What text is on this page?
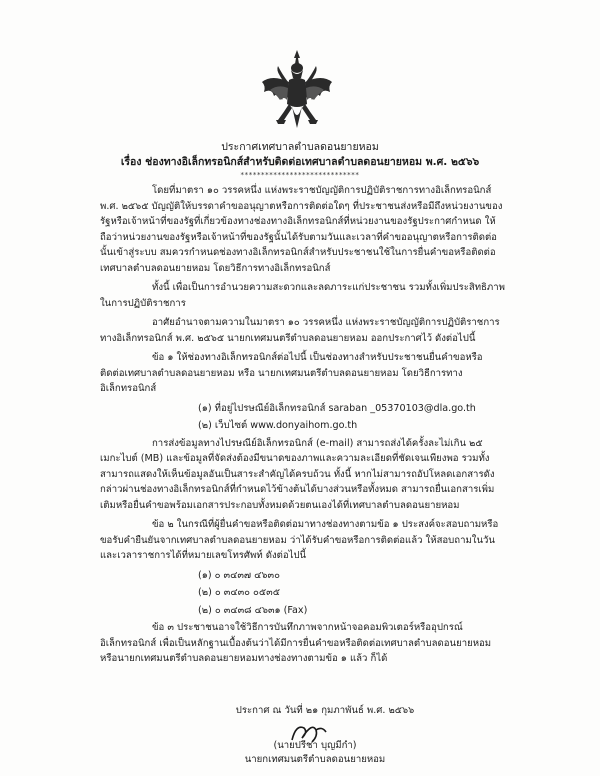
ประกาศเทศบาลตำบลดอนยายหอม
เรื่อง ช่องทางอิเล็กทรอนิกส์สำหรับติดต่อเทศบาลตำบลดอนยายหอม พ.ศ. ๒๕๖๖
*****************************

โดยที่มาตรา ๑๐ วรรคหนึ่ง แห่งพระราชบัญญัติการปฏิบัติราชการทางอิเล็กทรอนิกส์ พ.ศ. ๒๕๖๕ บัญญัติให้บรรดาคำขออนุญาตหรือการติดต่อใดๆ ที่ประชาชนส่งหรือมีถึงหน่วยงานของรัฐหรือเจ้าหน้าที่ของรัฐที่เกี่ยวข้องทางช่องทางอิเล็กทรอนิกส์ที่หน่วยงานของรัฐประกาศกำหนด ให้ถือว่าหน่วยงานของรัฐหรือเจ้าหน้าที่ของรัฐนั้นได้รับตามวันและเวลาที่คำขออนุญาตหรือการติดต่อนั้นเข้าสู่ระบบ สมควรกำหนดช่องทางอิเล็กทรอนิกส์สำหรับประชาชนใช้ในการยื่นคำขอหรือติดต่อเทศบาลตำบลดอนยายหอม โดยวิธีการทางอิเล็กทรอนิกส์

ทั้งนี้ เพื่อเป็นการอำนวยความสะดวกและลดภาระแก่ประชาชน รวมทั้งเพิ่มประสิทธิภาพในการปฏิบัติราชการ

อาศัยอำนาจตามความในมาตรา ๑๐ วรรคหนึ่ง แห่งพระราชบัญญัติการปฏิบัติราชการทางอิเล็กทรอนิกส์ พ.ศ. ๒๕๖๕ นายกเทศมนตรีตำบลดอนยายหอม ออกประกาศไว้ ดังต่อไปนี้

ข้อ ๑ ให้ช่องทางอิเล็กทรอนิกส์ต่อไปนี้ เป็นช่องทางสำหรับประชาชนยื่นคำขอหรือติดต่อเทศบาลตำบลดอนยายหอม หรือ นายกเทศมนตรีตำบลดอนยายหอม โดยวิธีการทางอิเล็กทรอนิกส์

(๑) ที่อยู่ไปรษณีย์อิเล็กทรอนิกส์ saraban _05370103@dla.go.th

(๒) เว็บไซต์ www.donyaihom.go.th

การส่งข้อมูลทางไปรษณีย์อิเล็กทรอนิกส์ (e-mail) สามารถส่งได้ครั้งละไม่เกิน ๒๕ เมกะไบต์ (MB) และข้อมูลที่จัดส่งต้องมีขนาดของภาพและความละเอียดที่ชัดเจนเพียงพอ รวมทั้งสามารถแสดงให้เห็นข้อมูลอันเป็นสาระสำคัญได้ครบถ้วน ทั้งนี้ หากไม่สามารถอัปโหลดเอกสารดังกล่าวผ่านช่องทางอิเล็กทรอนิกส์ที่กำหนดไว้ข้างต้นได้บางส่วนหรือทั้งหมด สามารถยื่นเอกสารเพิ่มเติมหรือยื่นคำขอพร้อมเอกสารประกอบทั้งหมดด้วยตนเองได้ที่เทศบาลตำบลดอนยายหอม

ข้อ ๒ ในกรณีที่ผู้ยื่นคำขอหรือติดต่อมาทางช่องทางตามข้อ ๑ ประสงค์จะสอบถามหรือขอรับคำยืนยันจากเทศบาลตำบลดอนยายหอม ว่าได้รับคำขอหรือการติดต่อแล้ว ให้สอบถามในวันและเวลาราชการได้ที่หมายเลขโทรศัพท์ ดังต่อไปนี้

(๑) ๐ ๓๔๓๗ ๔๖๓๐

(๒) ๐ ๓๔๓๐ ๐๕๓๕

(๒) ๐ ๓๔๓๘ ๔๖๓๑ (Fax)

ข้อ ๓ ประชาชนอาจใช้วิธีการบันทึกภาพจากหน้าจอคอมพิวเตอร์หรืออุปกรณ์อิเล็กทรอนิกส์ เพื่อเป็นหลักฐานเบื้องต้นว่าได้มีการยื่นคำขอหรือติดต่อเทศบาลตำบลดอนยายหอม หรือนายกเทศมนตรีตำบลดอนยายหอมทางช่องทางตามข้อ ๑ แล้ว ก็ได้

ประกาศ ณ วันที่ ๒๑ กุมภาพันธ์ พ.ศ. ๒๕๖๖
(นายปรีชา บุญมีกำ)
นายกเทศมนตรีตำบลดอนยายหอม
